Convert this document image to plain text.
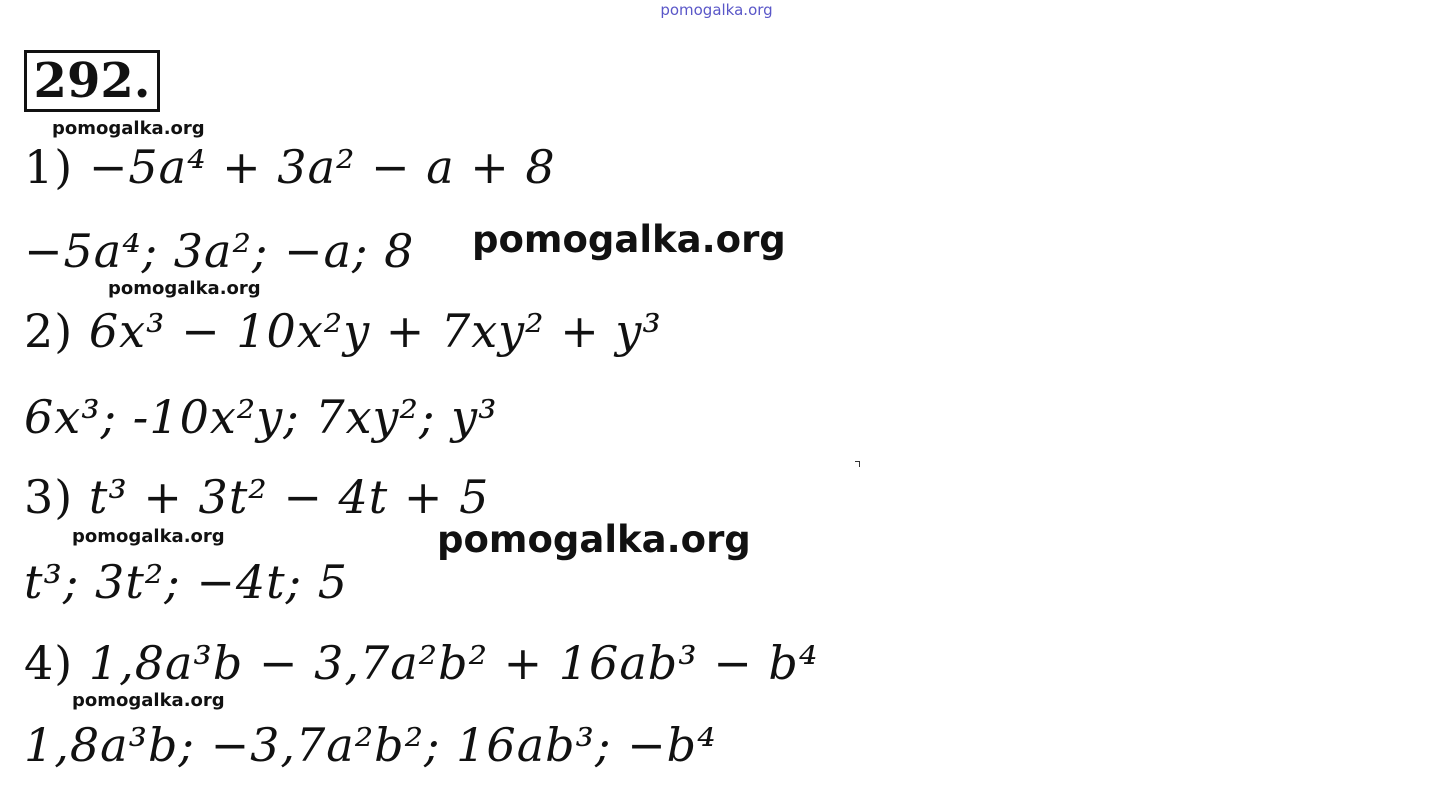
pomogalka.org
292.
pomogalka.org
pomogalka.org
pomogalka.org
pomogalka.org
pomogalka.org
pomogalka.org
1) −5a⁴ + 3a² − a + 8
−5a⁴; 3a²; −a; 8
2) 6x³ − 10x²y + 7xy² + y³
6x³; -10x²y; 7xy²; y³
3) t³ + 3t² − 4t + 5
t³; 3t²; −4t; 5
4) 1,8a³b − 3,7a²b² + 16ab³ − b⁴
1,8a³b; −3,7a²b²; 16ab³; −b⁴
